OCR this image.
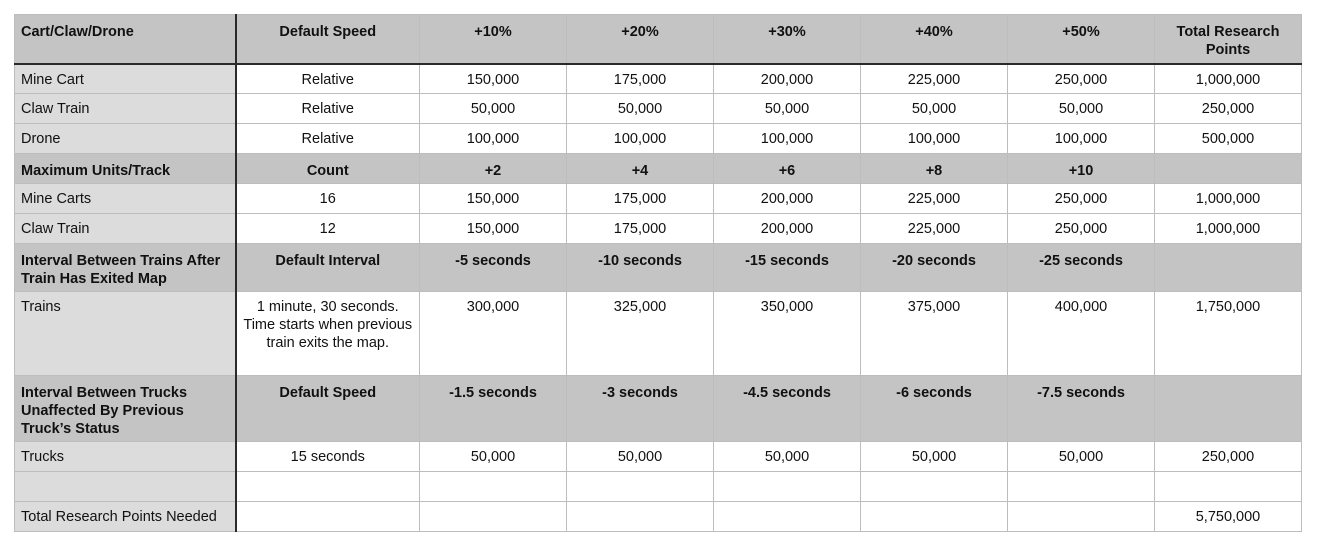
Cart/Claw/Drone	Default Speed	+10%	+20%	+30%	+40%	+50%	Total Research Points
Mine Cart	Relative	150,000	175,000	200,000	225,000	250,000	1,000,000
Claw Train	Relative	50,000	50,000	50,000	50,000	50,000	250,000
Drone	Relative	100,000	100,000	100,000	100,000	100,000	500,000
Maximum Units/Track	Count	+2	+4	+6	+8	+10	
Mine Carts	16	150,000	175,000	200,000	225,000	250,000	1,000,000
Claw Train	12	150,000	175,000	200,000	225,000	250,000	1,000,000
Interval Between Trains After Train Has Exited Map	Default Interval	-5 seconds	-10 seconds	-15 seconds	-20 seconds	-25 seconds	
Trains	1 minute, 30 seconds. Time starts when previous train exits the map.	300,000	325,000	350,000	375,000	400,000	1,750,000
Interval Between Trucks Unaffected By Previous Truck’s Status	Default Speed	-1.5 seconds	-3 seconds	-4.5 seconds	-6 seconds	-7.5 seconds	
Trucks	15 seconds	50,000	50,000	50,000	50,000	50,000	250,000

Total Research Points Needed							5,750,000
